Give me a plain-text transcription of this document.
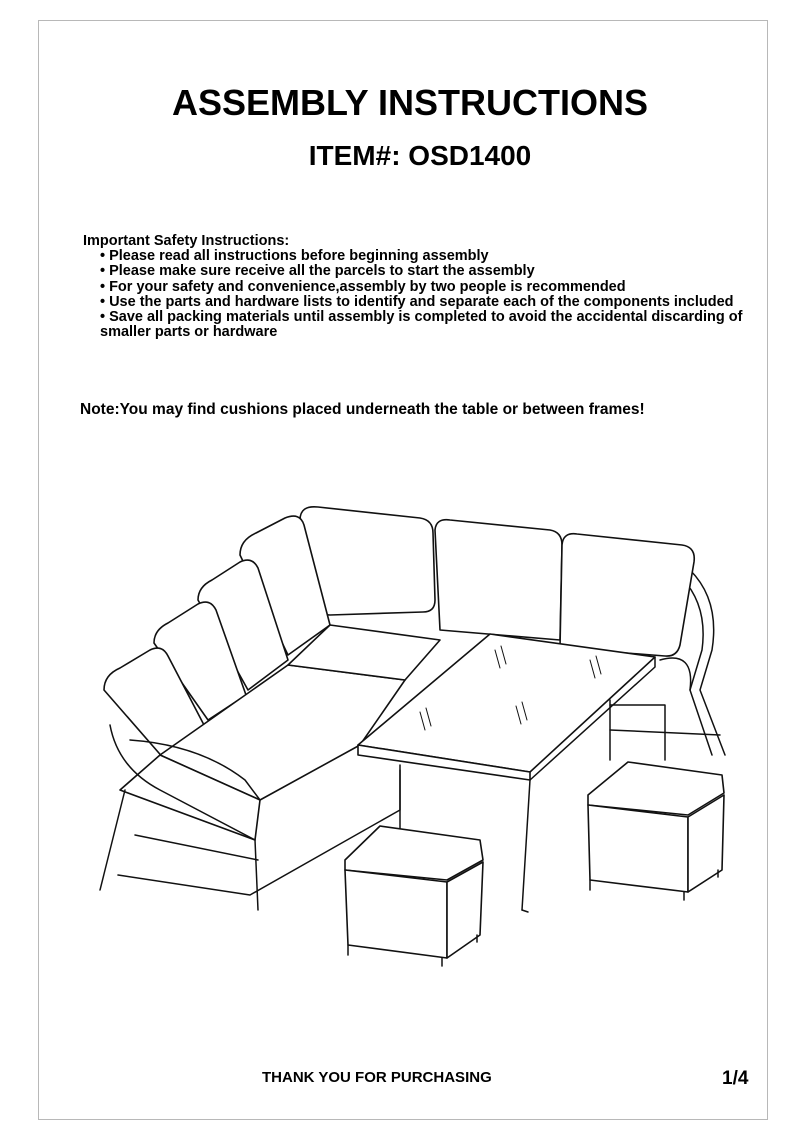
ASSEMBLY INSTRUCTIONS
ITEM#: OSD1400
Important Safety Instructions:
• Please read all instructions before beginning assembly
• Please make sure receive all the parcels to start the assembly
• For your safety and convenience,assembly by two people is recommended
• Use the parts and hardware lists to identify and separate each of the components included
• Save all packing materials until assembly is completed to avoid the accidental discarding of smaller parts or hardware
Note:You may find cushions placed underneath the table or between frames!
THANK YOU FOR PURCHASING	1/4
